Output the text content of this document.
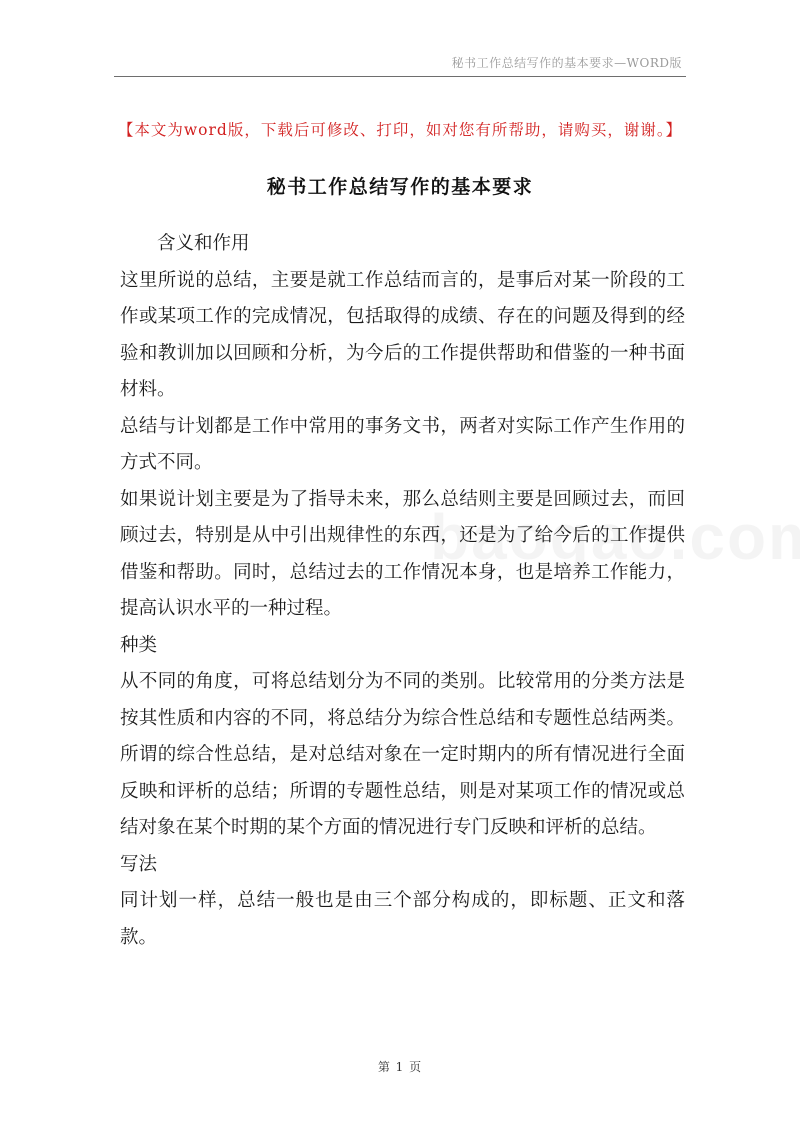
秘书工作总结写作的基本要求—WORD版
【本文为word版，下载后可修改、打印，如对您有所帮助，请购买，谢谢。】
秘书工作总结写作的基本要求

含义和作用

这里所说的总结，主要是就工作总结而言的，是事后对某一阶段的工作或某项工作的完成情况，包括取得的成绩、存在的问题及得到的经验和教训加以回顾和分析，为今后的工作提供帮助和借鉴的一种书面材料。

总结与计划都是工作中常用的事务文书，两者对实际工作产生作用的方式不同。

如果说计划主要是为了指导未来，那么总结则主要是回顾过去，而回顾过去，特别是从中引出规律性的东西，还是为了给今后的工作提供借鉴和帮助。同时，总结过去的工作情况本身，也是培养工作能力，提高认识水平的一种过程。

种类

从不同的角度，可将总结划分为不同的类别。比较常用的分类方法是按其性质和内容的不同，将总结分为综合性总结和专题性总结两类。所谓的综合性总结，是对总结对象在一定时期内的所有情况进行全面反映和评析的总结；所谓的专题性总结，则是对某项工作的情况或总结对象在某个时期的某个方面的情况进行专门反映和评析的总结。

写法

同计划一样，总结一般也是由三个部分构成的，即标题、正文和落款。

第 1 页
